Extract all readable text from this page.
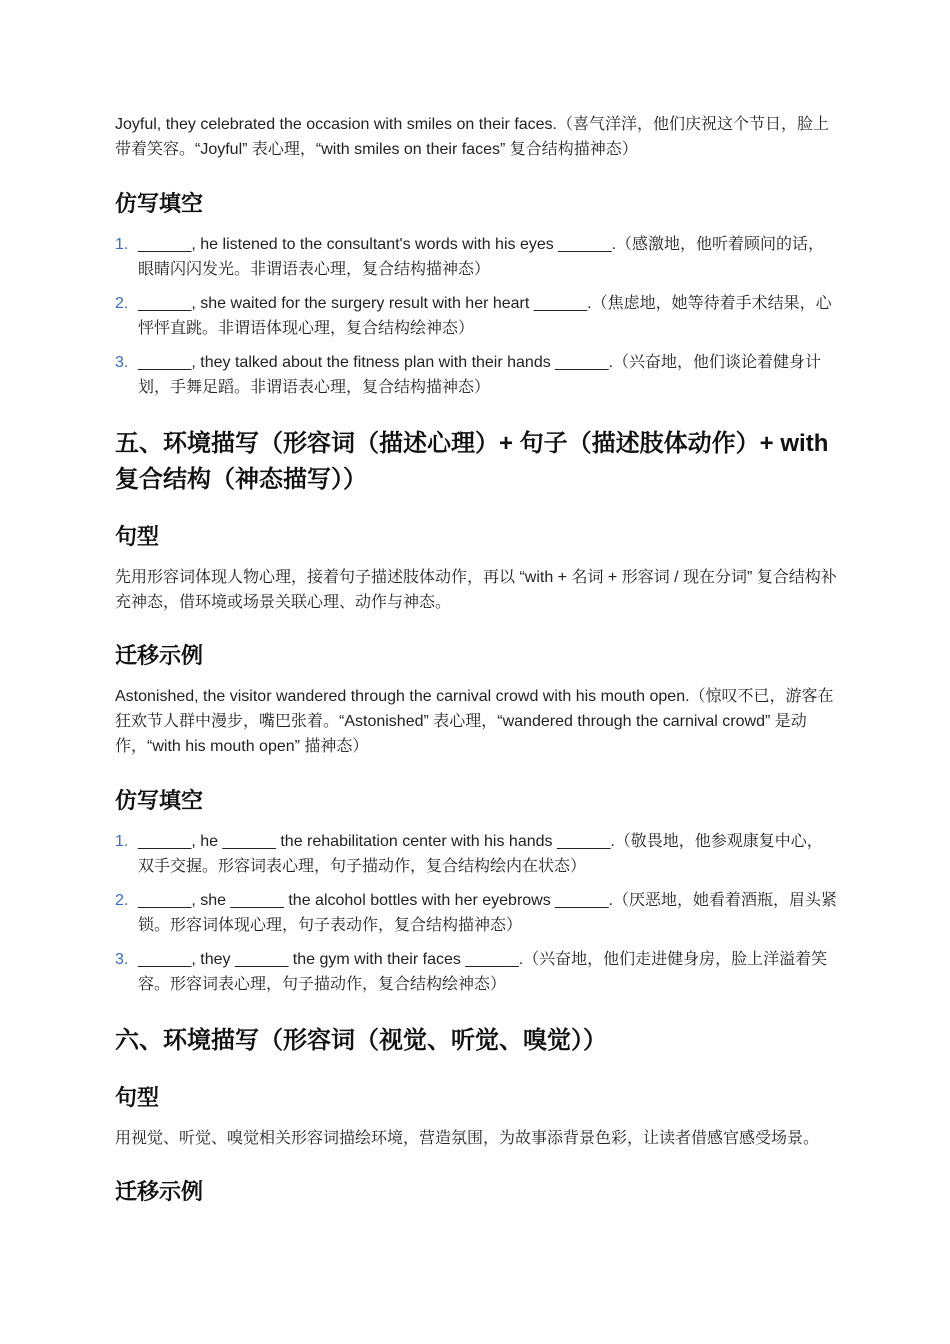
Joyful, they celebrated the occasion with smiles on their faces.（喜气洋洋，他们庆祝这个节日，脸上带着笑容。“Joyful” 表心理，“with smiles on their faces” 复合结构描神态）

仿写填空
1. ______, he listened to the consultant's words with his eyes ______.（感激地，他听着顾问的话，眼睛闪闪发光。非谓语表心理，复合结构描神态）
2. ______, she waited for the surgery result with her heart ______.（焦虑地，她等待着手术结果，心怦怦直跳。非谓语体现心理，复合结构绘神态）
3. ______, they talked about the fitness plan with their hands ______.（兴奋地，他们谈论着健身计划，手舞足蹈。非谓语表心理，复合结构描神态）
五、环境描写（形容词（描述心理）+ 句子（描述肢体动作）+ with 复合结构（神态描写））
句型

先用形容词体现人物心理，接着句子描述肢体动作，再以 “with + 名词 + 形容词 / 现在分词” 复合结构补充神态，借环境或场景关联心理、动作与神态。

迁移示例

Astonished, the visitor wandered through the carnival crowd with his mouth open.（惊叹不已，游客在狂欢节人群中漫步，嘴巴张着。“Astonished” 表心理，“wandered through the carnival crowd” 是动作，“with his mouth open” 描神态）

仿写填空
1. ______, he ______ the rehabilitation center with his hands ______.（敬畏地，他参观康复中心，双手交握。形容词表心理，句子描动作，复合结构绘内在状态）
2. ______, she ______ the alcohol bottles with her eyebrows ______.（厌恶地，她看着酒瓶，眉头紧锁。形容词体现心理，句子表动作，复合结构描神态）
3. ______, they ______ the gym with their faces ______.（兴奋地，他们走进健身房，脸上洋溢着笑容。形容词表心理，句子描动作，复合结构绘神态）
六、环境描写（形容词（视觉、听觉、嗅觉））
句型

用视觉、听觉、嗅觉相关形容词描绘环境，营造氛围，为故事添背景色彩，让读者借感官感受场景。

迁移示例
